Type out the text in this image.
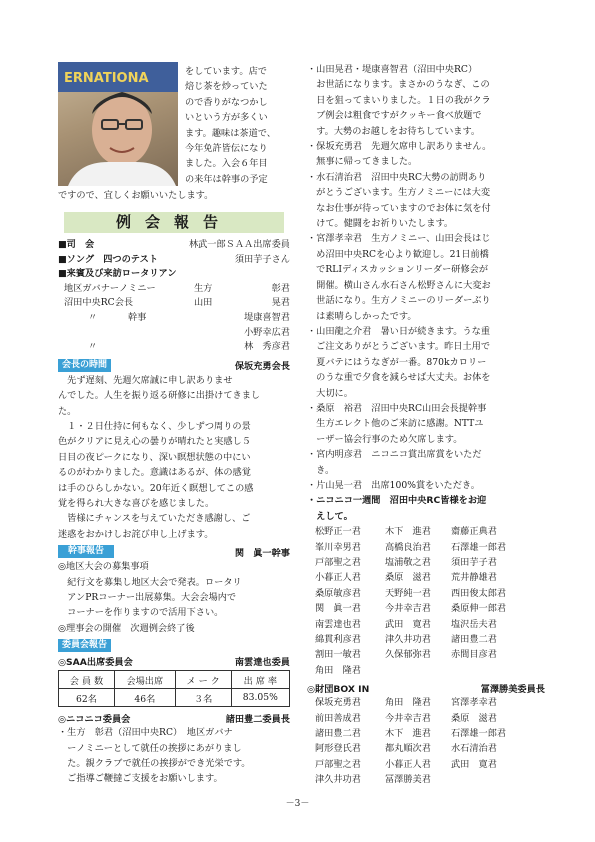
ERNATIONA	をしています。店で

焙じ茶を炒っていた

ので香りがなつかし

いという方が多くい

ます。趣味は茶道で、

今年免許皆伝になり

ました。入会６年目

の来年は幹事の予定

ですので、宜しくお願いいたします。

例会報告
■司　会	林武一郎ＳＡＡ出席委員
■ソング　四つのテスト	須田芋子さん
■来賓及び来訪ロータリアン
地区ガバナーノミニー	生方	彰君
沼田中央RC会長	山田	晃君
〃	幹事	堤康喜智君
小野幸広君
〃	林　秀彦君
会長の時間	保坂充勇会長

　先ず遅刻、先週欠席誠に申し訳ありませ

んでした。人生を振り返る研修に出掛けてきまし

た。

　１・２日仕持に何もなく、少しずつ周りの景

色がクリアに見え心の曇りが晴れたと実感し５

日目の夜ピークになり、深い瞑想状態の中にい

るのがわかりました。意識はあるが、体の感覚

は手のひらしかない。20年近く瞑想してこの感

覚を得られ大きな喜びを感じました。

　皆様にチャンスを与えていただき感謝し、ご

迷惑をおかけしお詫び申し上げます。

幹事報告	関　眞一幹事

◎地区大会の募集事項

　紀行文を募集し地区大会で発表。ロータリ

　アンPRコーナー出展募集。大会会場内で

　コーナーを作りますので活用下さい。

◎理事会の開催　次週例会終了後

委員会報告
◎SAA出席委員会	南雲達也委員
会 員 数	会場出席	メ ー ク	出 席 率
62名	46名	３名	83.05%
◎ニコニコ委員会	諸田豊二委員長

・生方　彰君（沼田中央RC）　地区ガバナ

　ーノミニーとして就任の挨拶にあがりまし

　た。親クラブで就任の挨拶ができ光栄です。

　ご指導ご鞭撻ご支援をお願いします。

・山田晃君・堤康喜智君（沼田中央RC）

　お世話になります。まさかのうなぎ、この

　日を狙ってまいりました。１日の我がクラ

　ブ例会は粗食ですがクッキー食べ放題で

　す。大勢のお越しをお待ちしています。

・保坂充勇君　先週欠席申し訳ありません。

　無事に帰ってきました。

・水石清治君　沼田中央RC大勢の訪問あり

　がとうございます。生方ノミニーには大変

　なお仕事が待っていますのでお体に気を付

　けて。健闘をお祈りいたします。

・宮澤孝幸君　生方ノミニー、山田会長はじ

　め沼田中央RCを心より歓迎し。21日前橋

　でRLIディスカッションリーダー研修会が

　開催。横山さん水石さん松野さんに大変お

　世話になり。生方ノミニーのリーダーぶり

　は素晴らしかったです。

・山田龍之介君　暑い日が続きます。うな重

　ご注文ありがとうございます。昨日土用で

　夏バテにはうなぎが一番。870kカロリー

　のうな重で夕食を減らせば大丈夫。お体を

　大切に。

・桑原　裕君　沼田中央RC山田会長提幹事

　生方エレクト他のご来訪に感謝。NTTユ

　ーザー協会行事のため欠席します。

・宮内明彦君　ニコニコ賞出席賞をいただ

　き。

・片山晃一君　出席100%賞をいただき。

・ニコニコ一週間　沼田中央RC皆様をお迎

　えして。

松野正一君	木下　進君	齋藤正典君
峯川幸男君	高橋良治君	石澤雄一郎君
戸部聖之君	塩浦敬之君	須田芋子君
小暮正人君	桑原　滋君	荒井静雄君
桑原敏彦君	天野純一君	西田俊太郎君
関　眞一君	今井幸吉君	桑原伸一郎君
南雲達也君	武田　寛君	塩沢岳夫君
綿貫利彦君	津久井功君	諸田豊二君
割田一敏君	久保郁弥君	赤間目彦君
角田　隆君
◎財団BOX IN	冨澤勝美委員長
保坂充勇君	角田　隆君	宮澤孝幸君
前田善成君	今井幸吉君	桑原　滋君
諸田豊二君	木下　進君	石澤雄一郎君
阿形登氏君	都丸順次君	水石清治君
戸部聖之君	小暮正人君	武田　寛君
津久井功君	冨澤勝美君
－3－
